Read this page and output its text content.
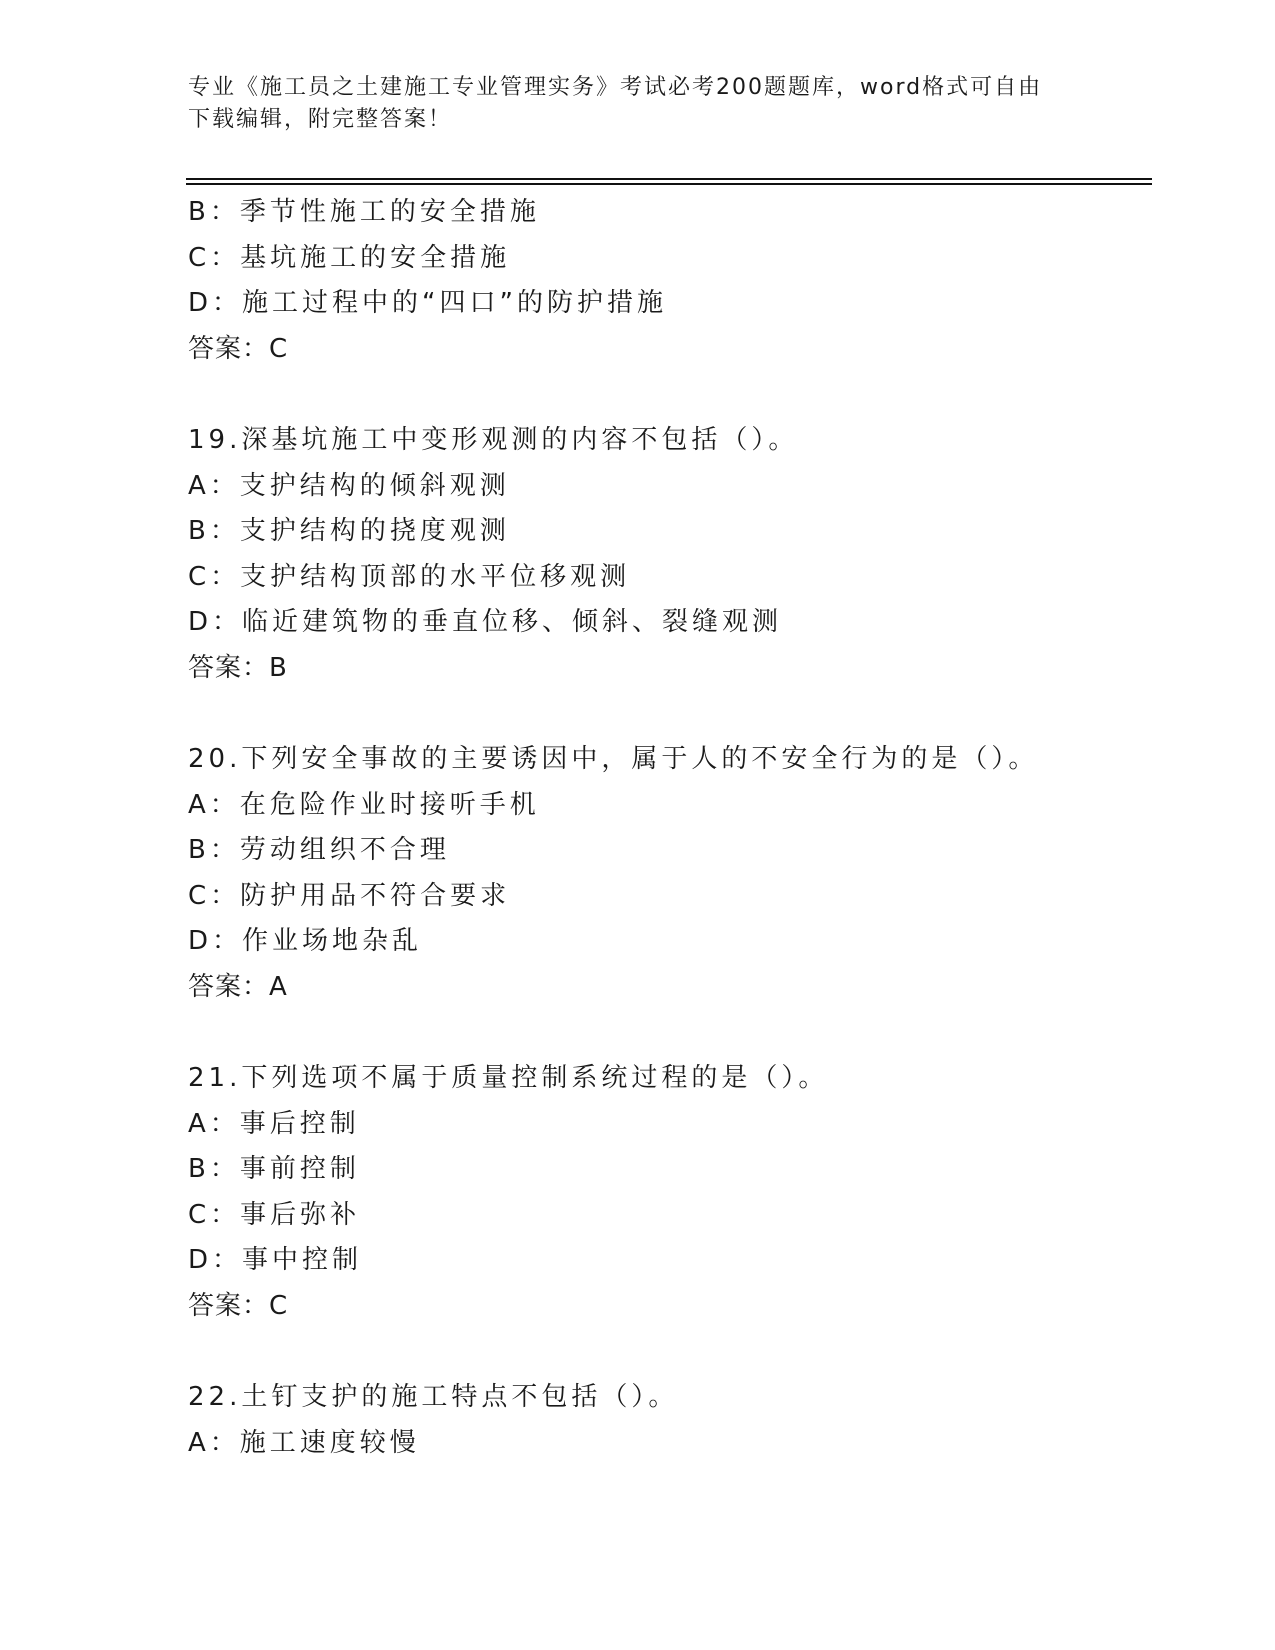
专业《施工员之土建施工专业管理实务》考试必考200题题库，word格式可自由
下载编辑，附完整答案！
B：季节性施工的安全措施
C：基坑施工的安全措施
D：施工过程中的“四口”的防护措施
答案：C
19.深基坑施工中变形观测的内容不包括（）。
A：支护结构的倾斜观测
B：支护结构的挠度观测
C：支护结构顶部的水平位移观测
D：临近建筑物的垂直位移、倾斜、裂缝观测
答案：B
20.下列安全事故的主要诱因中，属于人的不安全行为的是（）。
A：在危险作业时接听手机
B：劳动组织不合理
C：防护用品不符合要求
D：作业场地杂乱
答案：A
21.下列选项不属于质量控制系统过程的是（）。
A：事后控制
B：事前控制
C：事后弥补
D：事中控制
答案：C
22.土钉支护的施工特点不包括（）。
A：施工速度较慢
